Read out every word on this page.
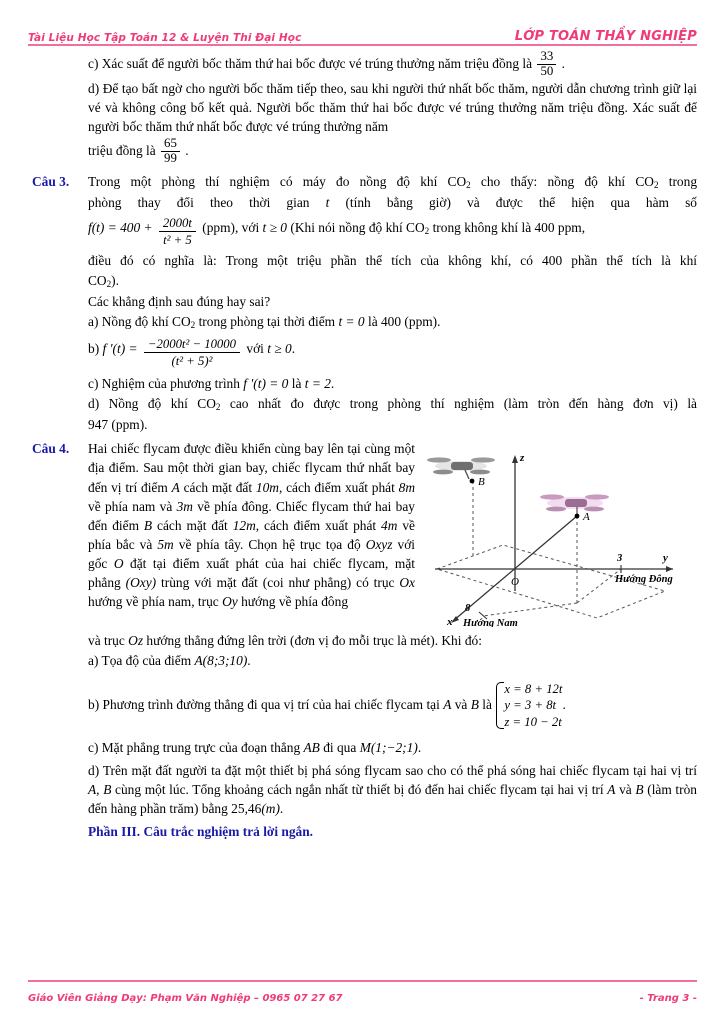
Tài Liệu Học Tập Toán 12 & Luyện Thi Đại Học	LỚP TOÁN THẦY NGHIỆP

c) Xác suất để người bốc thăm thứ hai bốc được vé trúng thưởng năm triệu đồng là $\frac{33}{50}$ .

d) Để tạo bất ngờ cho người bốc thăm tiếp theo, sau khi người thứ nhất bốc thăm, người dẫn chương trình giữ lại vé và không công bố kết quả. Người bốc thăm thứ hai bốc được vé trúng thưởng năm triệu đồng. Xác suất để người bốc thăm thứ nhất bốc được vé trúng thưởng năm

triệu đồng là $\frac{65}{99}$ .

Câu 3. Trong một phòng thí nghiệm có máy đo nồng độ khí $CO_2$ cho thấy: nồng độ khí $CO_2$ trong

phòng thay đổi theo thời gian t (tính bằng giờ) và được thể hiện qua hàm số

$f(t) = 400 + \frac{2000t}{\text{t² + 5}} (ppm)$, với t ≥ 0 (Khi nói nồng độ khí $CO_2$ trong không khí là 400 ppm,

điều đó có nghĩa là: Trong một triệu phần thể tích của không khí, có 400 phần thể tích là khí

$CO_2$).

Các khẳng định sau đúng hay sai?

a) Nồng độ khí $CO_2$ trong phòng tại thời điểm t = 0 là 400 (ppm).

b) f $'(t) = \frac{\text{−2000t² − 10000}}{\text{(t² + 5)²}}$ với t ≥ 0.

c) Nghiệm của phương trình f ′(t) = 0 là t = 2.

d) Nồng độ khí $CO_2$ cao nhất đo được trong phòng thí nghiệm (làm tròn đến hàng đơn vị) là

947 (ppm).

Câu 4.
z
y
x
O
A
B
3
8
Hướng Đông
Hướng Nam

Hai chiếc flycam được điều khiển cùng bay lên tại cùng một địa điểm. Sau một thời gian bay, chiếc flycam thứ nhất bay đến vị trí điểm A cách mặt đất 10m, cách điểm xuất phát 8m về phía nam và 3m về phía đông. Chiếc flycam thứ hai bay đến điểm B cách mặt đất 12m, cách điểm xuất phát 4m về phía bắc và 5m về phía tây. Chọn hệ trục tọa độ Oxyz với gốc O đặt tại điểm xuất phát của hai chiếc flycam, mặt phẳng (Oxy) trùng với mặt đất (coi như phẳng) có trục Ox hướng về phía nam, trục Oy hướng về phía đông

và trục Oz hướng thẳng đứng lên trời (đơn vị đo mỗi trục là mét). Khi đó:

a) Tọa độ của điểm A(8;3;10).

b) Phương trình đường thẳng đi qua vị trí của hai chiếc flycam tại A và B là
x = 8 + 12t
y = 3 + 8t
z = 10 − 2t
.

c) Mặt phẳng trung trực của đoạn thẳng AB đi qua M(1;−2;1).

d) Trên mặt đất người ta đặt một thiết bị phá sóng flycam sao cho có thể phá sóng hai chiếc flycam tại hai vị trí A, B cùng một lúc. Tổng khoảng cách ngắn nhất từ thiết bị đó đến hai chiếc flycam tại hai vị trí A và B (làm tròn đến hàng phần trăm) bằng 25,46(m).

Phần III. Câu trắc nghiệm trả lời ngắn.

Giáo Viên Giảng Dạy: Phạm Văn Nghiệp – 0965 07 27 67	- Trang 3 -
